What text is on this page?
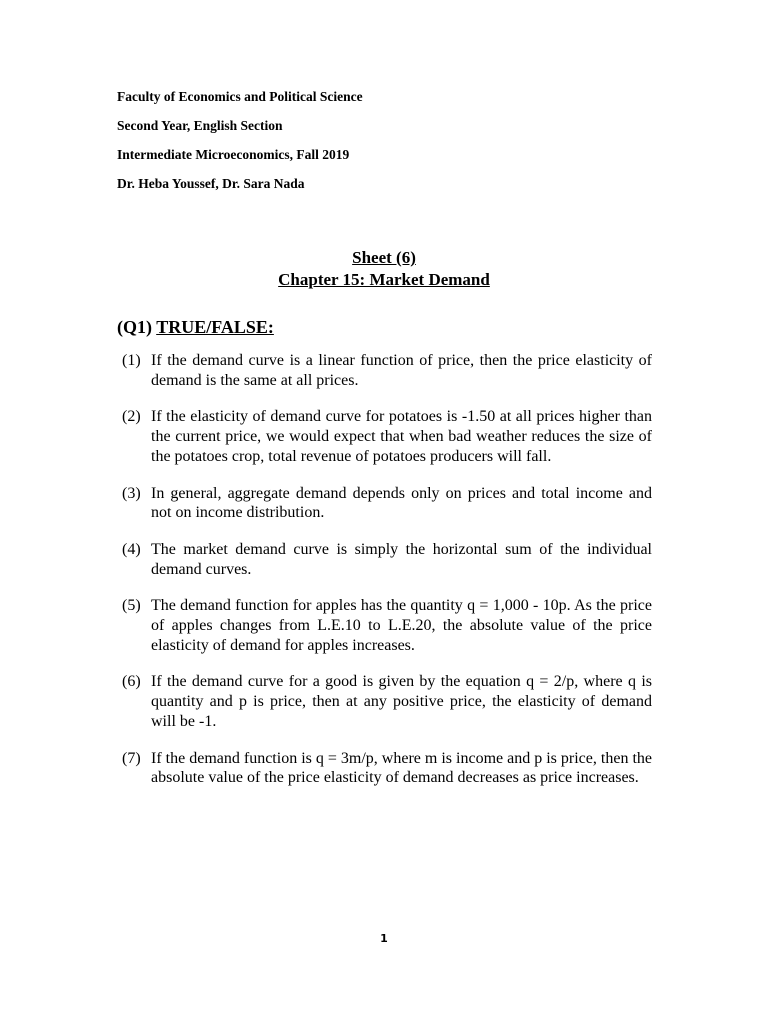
Faculty of Economics and Political Science
Second Year, English Section
Intermediate Microeconomics, Fall 2019
Dr. Heba Youssef, Dr. Sara Nada
Sheet (6)
Chapter 15: Market Demand
(Q1) TRUE/FALSE:
(1) If the demand curve is a linear function of price, then the price elasticity of demand is the same at all prices.
(2) If the elasticity of demand curve for potatoes is -1.50 at all prices higher than the current price, we would expect that when bad weather reduces the size of the potatoes crop, total revenue of potatoes producers will fall.
(3) In general, aggregate demand depends only on prices and total income and not on income distribution.
(4) The market demand curve is simply the horizontal sum of the individual demand curves.
(5) The demand function for apples has the quantity q = 1,000 - 10p. As the price of apples changes from L.E.10 to L.E.20, the absolute value of the price elasticity of demand for apples increases.
(6) If the demand curve for a good is given by the equation q = 2/p, where q is quantity and p is price, then at any positive price, the elasticity of demand will be -1.
(7) If the demand function is q = 3m/p, where m is income and p is price, then the absolute value of the price elasticity of demand decreases as price increases.
1
